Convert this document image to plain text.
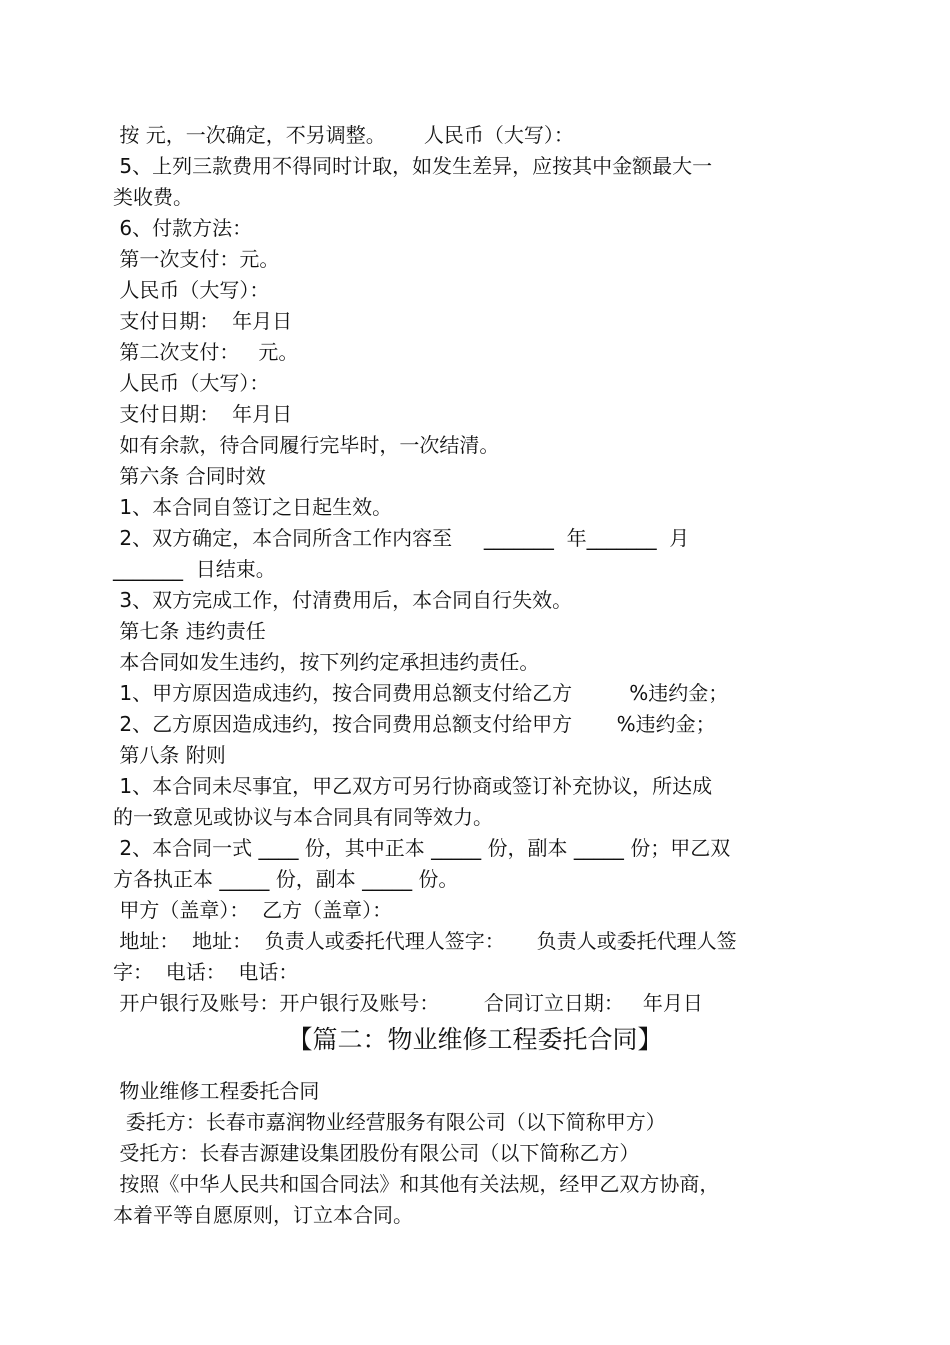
按 元，一次确定，不另调整。      人民币（大写）：
5、上列三款费用不得同时计取，如发生差异，应按其中金额最大一
类收费。
6、付款方法：
第一次支付：元。
人民币（大写）：
支付日期：  年月日
第二次支付：   元。
人民币（大写）：
支付日期：  年月日
如有余款，待合同履行完毕时，一次结清。
第六条 合同时效
1、本合同自签订之日起生效。
2、双方确定，本合同所含工作内容至     _______  年_______  月
_______  日结束。
3、双方完成工作，付清费用后，本合同自行失效。
第七条 违约责任
本合同如发生违约，按下列约定承担违约责任。
1、甲方原因造成违约，按合同费用总额支付给乙方         %违约金；
2、乙方原因造成违约，按合同费用总额支付给甲方       %违约金；
第八条 附则
1、本合同未尽事宜，甲乙双方可另行协商或签订补充协议，所达成
的一致意见或协议与本合同具有同等效力。
2、本合同一式 ____ 份，其中正本 _____ 份，副本 _____ 份；甲乙双
方各执正本 _____ 份，副本 _____ 份。
甲方（盖章）：  乙方（盖章）：
地址：  地址：  负责人或委托代理人签字：     负责人或委托代理人签
字：  电话：  电话：
开户银行及账号：开户银行及账号：       合同订立日期：   年月日
【篇二：物业维修工程委托合同】
物业维修工程委托合同
委托方：长春市嘉润物业经营服务有限公司（以下简称甲方）
受托方：长春吉源建设集团股份有限公司（以下简称乙方）
按照《中华人民共和国合同法》和其他有关法规，经甲乙双方协商，
本着平等自愿原则，订立本合同。
